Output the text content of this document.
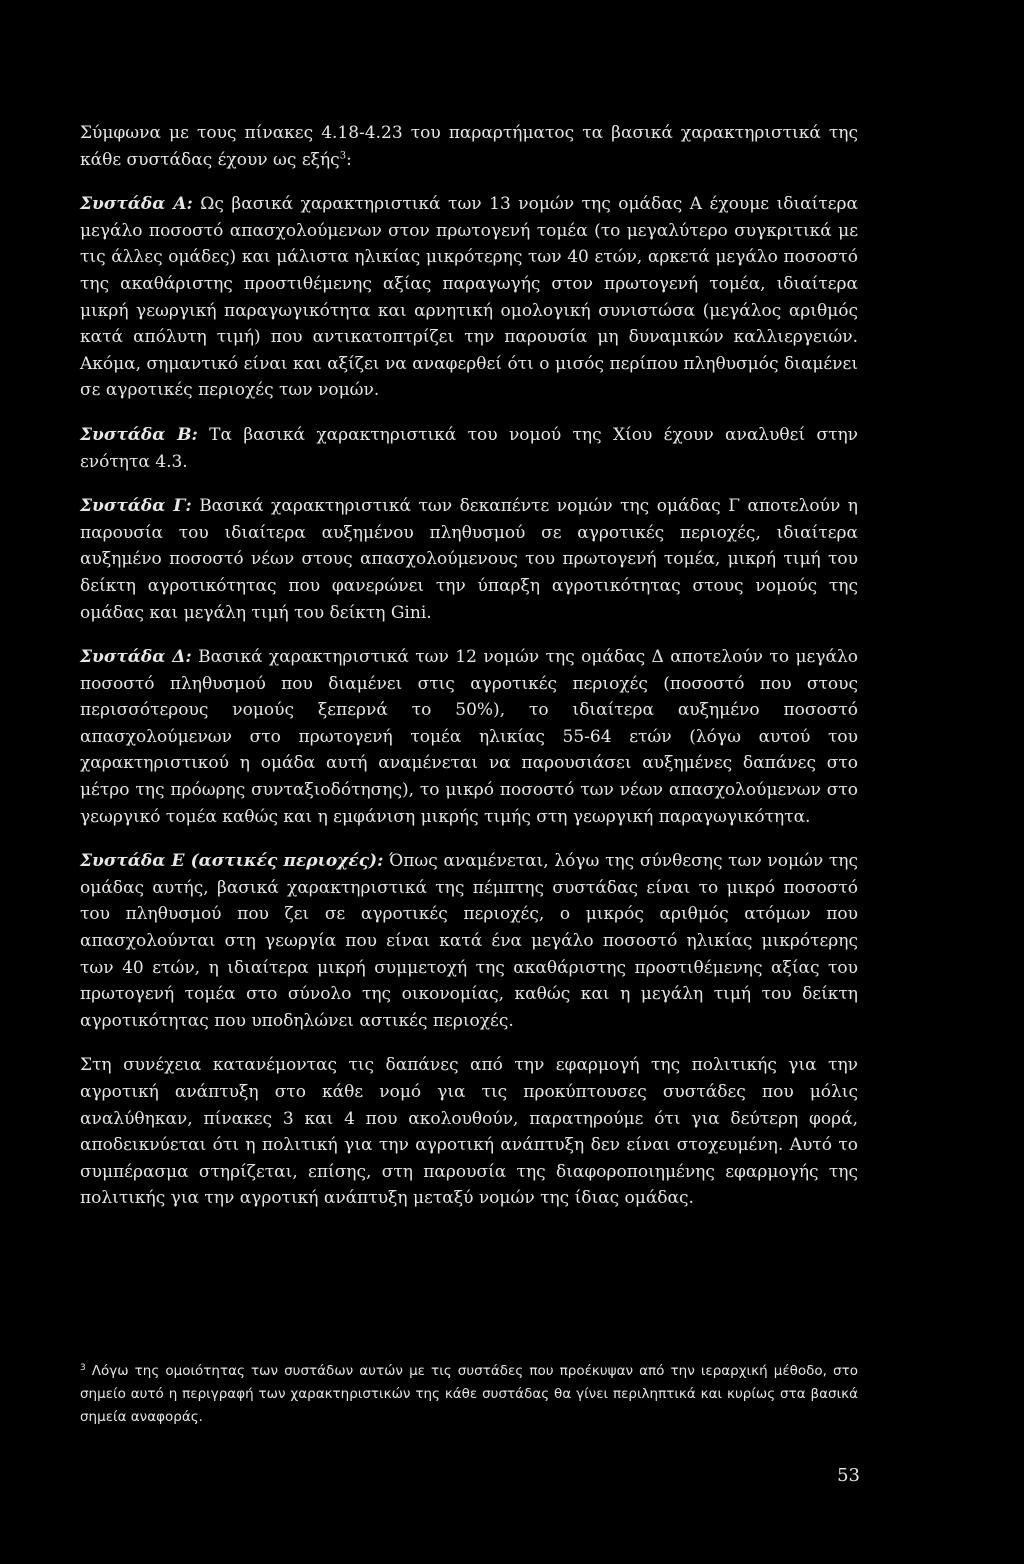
Σύμφωνα με τους πίνακες 4.18-4.23 του παραρτήματος τα βασικά χαρακτηριστικά της κάθε συστάδας έχουν ως εξής$^3$:

Συστάδα Α: Ως βασικά χαρακτηριστικά των 13 νομών της ομάδας Α έχουμε ιδιαίτερα μεγάλο ποσοστό απασχολούμενων στον πρωτογενή τομέα (το μεγαλύτερο συγκριτικά με τις άλλες ομάδες) και μάλιστα ηλικίας μικρότερης των 40 ετών, αρκετά μεγάλο ποσοστό της ακαθάριστης προστιθέμενης αξίας παραγωγής στον πρωτογενή τομέα, ιδιαίτερα μικρή γεωργική παραγωγικότητα και αρνητική ομολογική συνιστώσα (μεγάλος αριθμός κατά απόλυτη τιμή) που αντικατοπτρίζει την παρουσία μη δυναμικών καλλιεργειών. Ακόμα, σημαντικό είναι και αξίζει να αναφερθεί ότι ο μισός περίπου πληθυσμός διαμένει σε αγροτικές περιοχές των νομών.

Συστάδα Β: Τα βασικά χαρακτηριστικά του νομού της Χίου έχουν αναλυθεί στην ενότητα 4.3.

Συστάδα Γ: Βασικά χαρακτηριστικά των δεκαπέντε νομών της ομάδας Γ αποτελούν η παρουσία του ιδιαίτερα αυξημένου πληθυσμού σε αγροτικές περιοχές, ιδιαίτερα αυξημένο ποσοστό νέων στους απασχολούμενους του πρωτογενή τομέα, μικρή τιμή του δείκτη αγροτικότητας που φανερώνει την ύπαρξη αγροτικότητας στους νομούς της ομάδας και μεγάλη τιμή του δείκτη Gini.

Συστάδα Δ: Βασικά χαρακτηριστικά των 12 νομών της ομάδας Δ αποτελούν το μεγάλο ποσοστό πληθυσμού που διαμένει στις αγροτικές περιοχές (ποσοστό που στους περισσότερους νομούς ξεπερνά το 50%), το ιδιαίτερα αυξημένο ποσοστό απασχολούμενων στο πρωτογενή τομέα ηλικίας 55-64 ετών (λόγω αυτού του χαρακτηριστικού η ομάδα αυτή αναμένεται να παρουσιάσει αυξημένες δαπάνες στο μέτρο της πρόωρης συνταξιοδότησης), το μικρό ποσοστό των νέων απασχολούμενων στο γεωργικό τομέα καθώς και η εμφάνιση μικρής τιμής στη γεωργική παραγωγικότητα.

Συστάδα Ε (αστικές περιοχές): Όπως αναμένεται, λόγω της σύνθεσης των νομών της ομάδας αυτής, βασικά χαρακτηριστικά της πέμπτης συστάδας είναι το μικρό ποσοστό του πληθυσμού που ζει σε αγροτικές περιοχές, ο μικρός αριθμός ατόμων που απασχολούνται στη γεωργία που είναι κατά ένα μεγάλο ποσοστό ηλικίας μικρότερης των 40 ετών, η ιδιαίτερα μικρή συμμετοχή της ακαθάριστης προστιθέμενης αξίας του πρωτογενή τομέα στο σύνολο της οικονομίας, καθώς και η μεγάλη τιμή του δείκτη αγροτικότητας που υποδηλώνει αστικές περιοχές.

Στη συνέχεια κατανέμοντας τις δαπάνες από την εφαρμογή της πολιτικής για την αγροτική ανάπτυξη στο κάθε νομό για τις προκύπτουσες συστάδες που μόλις αναλύθηκαν, πίνακες 3 και 4 που ακολουθούν, παρατηρούμε ότι για δεύτερη φορά, αποδεικνύεται ότι η πολιτική για την αγροτική ανάπτυξη δεν είναι στοχευμένη. Αυτό το συμπέρασμα στηρίζεται, επίσης, στη παρουσία της διαφοροποιημένης εφαρμογής της πολιτικής για την αγροτική ανάπτυξη μεταξύ νομών της ίδιας ομάδας.

$^3$ Λόγω της ομοιότητας των συστάδων αυτών με τις συστάδες που προέκυψαν από την ιεραρχική μέθοδο, στο σημείο αυτό η περιγραφή των χαρακτηριστικών της κάθε συστάδας θα γίνει περιληπτικά και κυρίως στα βασικά σημεία αναφοράς.
53
